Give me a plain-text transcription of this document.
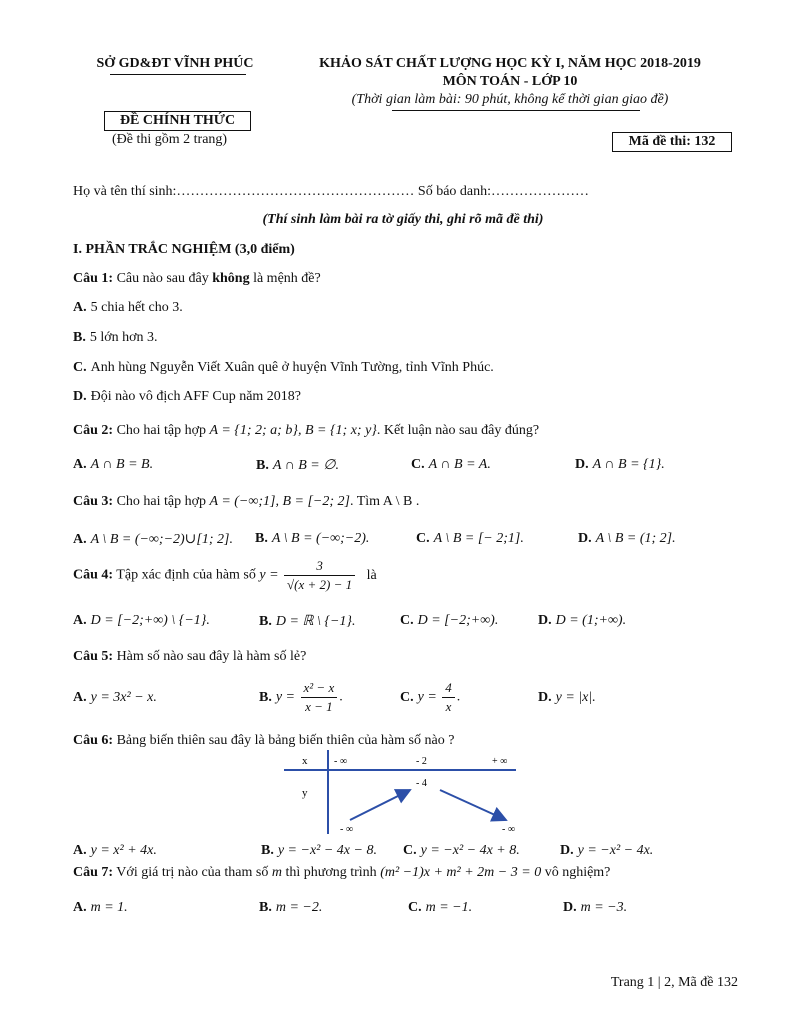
SỞ GD&ĐT VĨNH PHÚC	KHẢO SÁT CHẤT LƯỢNG HỌC KỲ I, NĂM HỌC 2018-2019
MÔN TOÁN - LỚP 10
(Thời gian làm bài: 90 phút, không kể thời gian giao đề)
ĐỀ CHÍNH THỨC
(Đề thi gồm 2 trang)	Mã đề thi: 132
Họ và tên thí sinh:…………………………………………… Số báo danh:…………………
(Thí sinh làm bài ra tờ giấy thi, ghi rõ mã đề thi)
I. PHẦN TRẮC NGHIỆM (3,0 điểm)
Câu 1: Câu nào sau đây không là mệnh đề?
A. 5 chia hết cho 3.
B. 5 lớn hơn 3.
C. Anh hùng Nguyễn Viết Xuân quê ở huyện Vĩnh Tường, tỉnh Vĩnh Phúc.
D. Đội nào vô địch AFF Cup năm 2018?
Câu 2: Cho hai tập hợp A = {1; 2; a; b}, B = {1; x; y}. Kết luận nào sau đây đúng?
A. A ∩ B = B.	B. A ∩ B = ∅.	C. A ∩ B = A.	D. A ∩ B = {1}.
Câu 3: Cho hai tập hợp A = (−∞;1], B = [−2; 2]. Tìm A \ B .
A. A \ B = (−∞;−2)∪[1; 2]. B. A \ B = (−∞;−2).	C. A \ B = [− 2;1].	D. A \ B = (1; 2].
Câu 4: Tập xác định của hàm số $y = \frac{3}{√(x + 2) - 1}$ là
A. D = [−2;+∞) \ {−1}.	B. D = ℝ \ {−1}.	C. D = [−2;+∞).	D. D = (1;+∞).
Câu 5: Hàm số nào sau đây là hàm số lẻ?
A. y = 3x² − x.	B. $y = \frac{\text{x² − x}}{x - 1}$ .	C. $y = \frac{4}{x}$ .	D. y = |x|.
Câu 6: Bảng biến thiên sau đây là bảng biến thiên của hàm số nào ?
x
y
- ∞	- 2	+ ∞
- ∞
- 4
- ∞
A. y = x² + 4x.	B. y = −x² − 4x − 8. C. y = −x² − 4x + 8.	D. y = −x² − 4x.
Câu 7: Với giá trị nào của tham số m thì phương trình (m² −1)x + m² + 2m − 3 = 0 vô nghiệm?
A. m = 1.	B. m = −2.	C. m = −1.	D. m = −3.
Trang 1 | 2, Mã đề 132
